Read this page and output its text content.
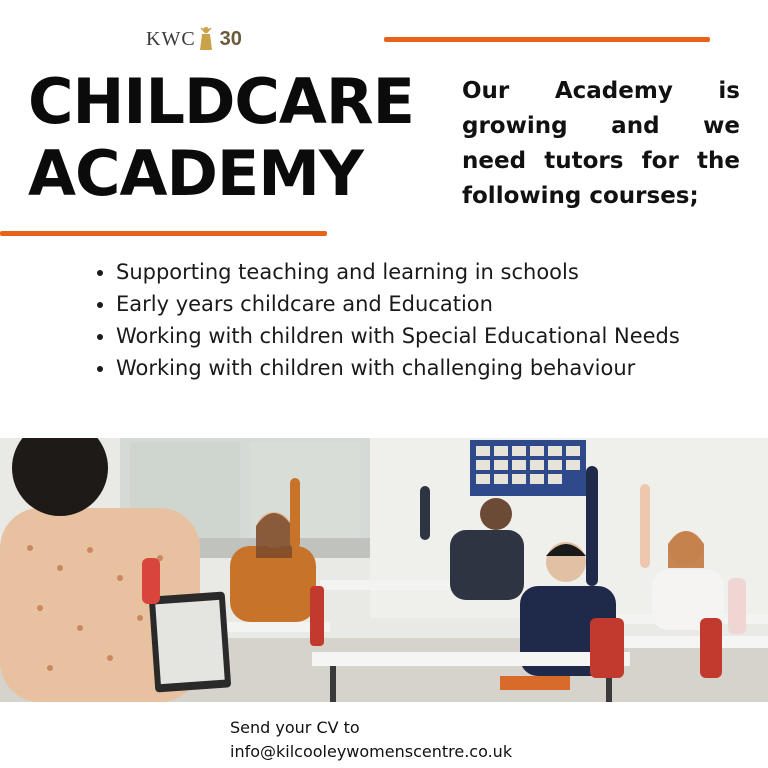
KWC 30
CHILDCARE
ACADEMY
Our Academy is growing and we need tutors for the following courses;
• Supporting teaching and learning in schools
• Early years childcare and Education
• Working with children with Special Educational Needs
• Working with children with challenging behaviour
Send your CV to
info@kilcooleywomenscentre.co.uk
